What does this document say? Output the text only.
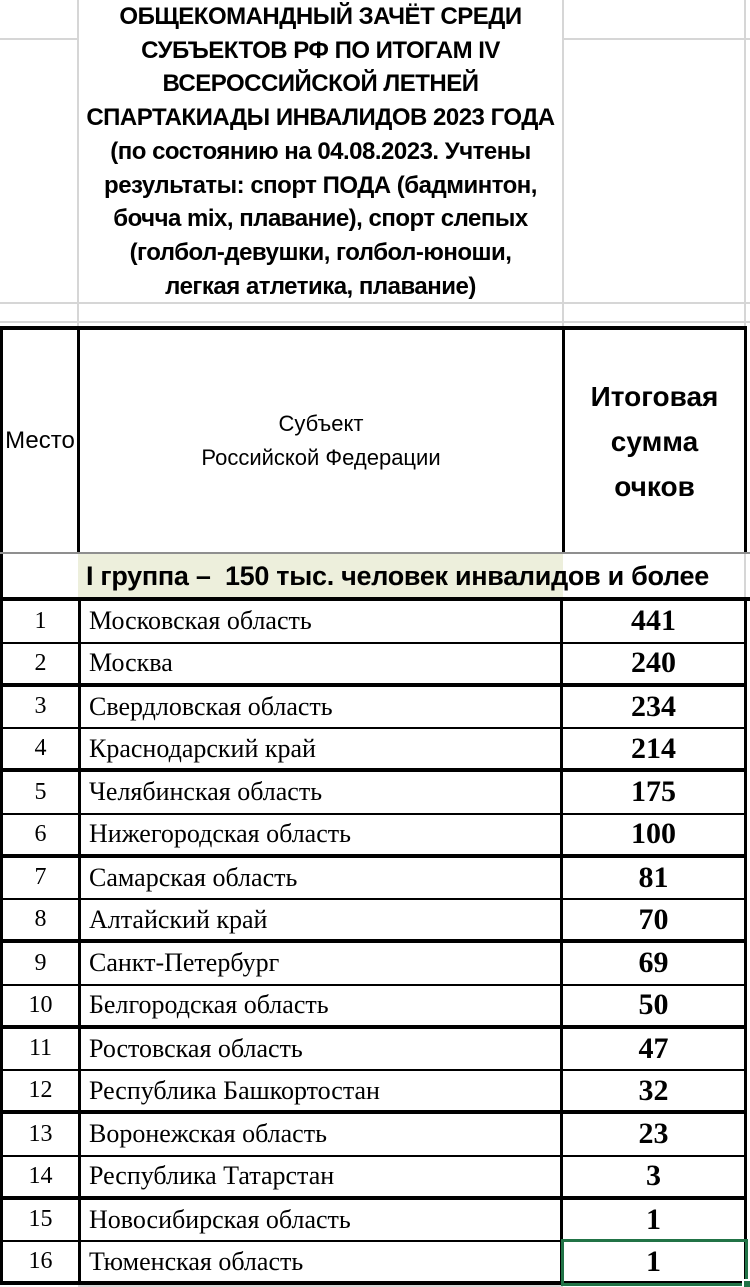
ОБЩЕКОМАНДНЫЙ ЗАЧЁТ СРЕДИ
СУБЪЕКТОВ РФ ПО ИТОГАМ IV
ВСЕРОССИЙСКОЙ ЛЕТНЕЙ
СПАРТАКИАДЫ ИНВАЛИДОВ 2023 ГОДА
(по состоянию на 04.08.2023. Учтены
результаты: спорт ПОДА (бадминтон,
бочча mix, плавание), спорт слепых
(голбол-девушки, голбол-юноши,
легкая атлетика, плавание)
Место
Субъект
Российской Федерации
Итоговая
сумма
очков
I группа –  150 тыс. человек инвалидов и более
1	Московская область	441
2	Москва	240
3	Свердловская область	234
4	Краснодарский край	214
5	Челябинская область	175
6	Нижегородская область	100
7	Самарская область	81
8	Алтайский край	70
9	Санкт-Петербург	69
10	Белгородская область	50
11	Ростовская область	47
12	Республика Башкортостан	32
13	Воронежская область	23
14	Республика Татарстан	3
15	Новосибирская область	1
16	Тюменская область	1
